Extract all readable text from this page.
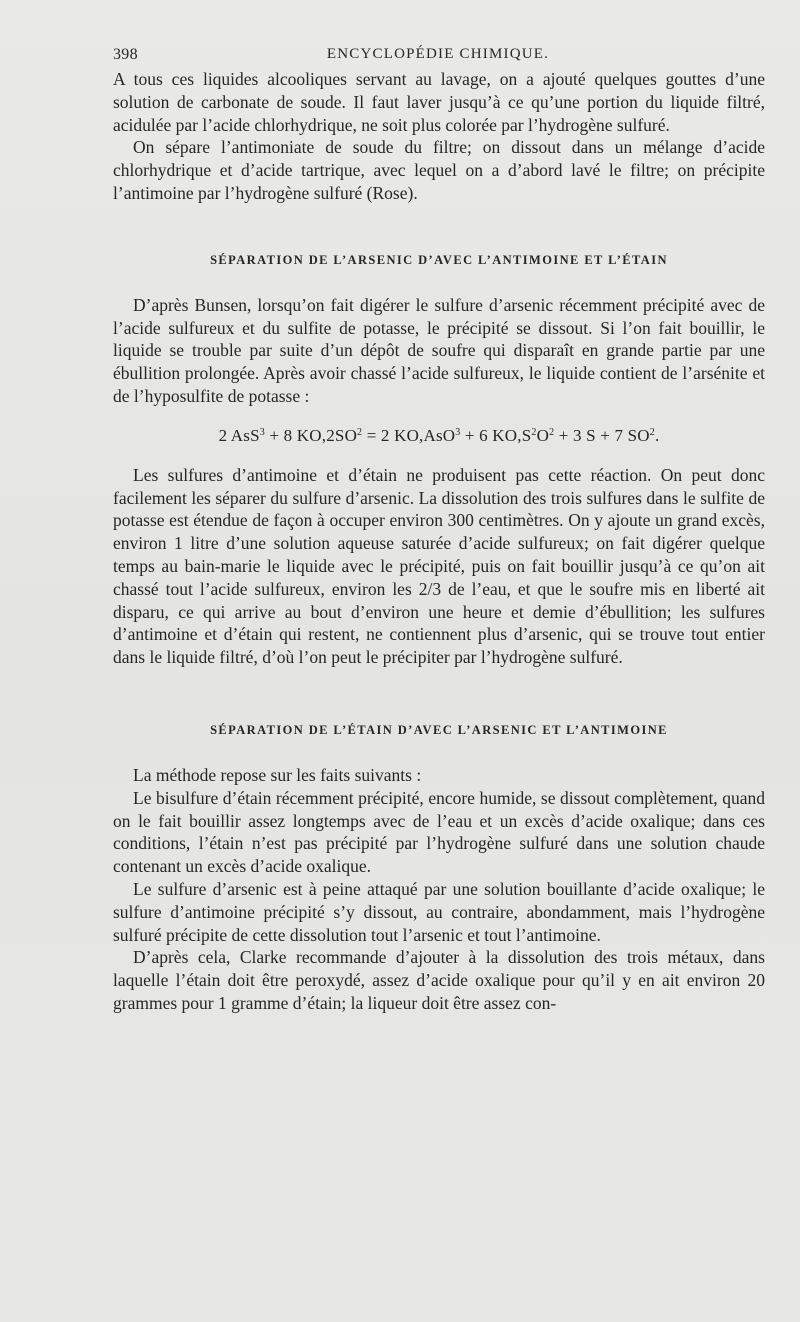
398	ENCYCLOPÉDIE CHIMIQUE.

A tous ces liquides alcooliques servant au lavage, on a ajouté quelques gouttes d’une solution de carbonate de soude. Il faut laver jusqu’à ce qu’une portion du liquide filtré, acidulée par l’acide chlorhydrique, ne soit plus colorée par l’hydrogène sulfuré.

On sépare l’antimoniate de soude du filtre; on dissout dans un mélange d’acide chlorhydrique et d’acide tartrique, avec lequel on a d’abord lavé le filtre; on précipite l’antimoine par l’hydrogène sulfuré (Rose).

SÉPARATION DE L’ARSENIC D’AVEC L’ANTIMOINE ET L’ÉTAIN

D’après Bunsen, lorsqu’on fait digérer le sulfure d’arsenic récemment précipité avec de l’acide sulfureux et du sulfite de potasse, le précipité se dissout. Si l’on fait bouillir, le liquide se trouble par suite d’un dépôt de soufre qui disparaît en grande partie par une ébullition prolongée. Après avoir chassé l’acide sulfureux, le liquide contient de l’arsénite et de l’hyposulfite de potasse :

2 AsS$^3$ + 8 $KO,2SO^2 = 2$ KO,AsO$^3$ + 6 $KO,S^2O^2 + 3$ S + 7 $SO^2$.

Les sulfures d’antimoine et d’étain ne produisent pas cette réaction. On peut donc facilement les séparer du sulfure d’arsenic. La dissolution des trois sulfures dans le sulfite de potasse est étendue de façon à occuper environ 300 centimètres. On y ajoute un grand excès, environ 1 litre d’une solution aqueuse saturée d’acide sulfureux; on fait digérer quelque temps au bain-marie le liquide avec le précipité, puis on fait bouillir jusqu’à ce qu’on ait chassé tout l’acide sulfureux, environ les 2/3 de l’eau, et que le soufre mis en liberté ait disparu, ce qui arrive au bout d’environ une heure et demie d’ébullition; les sulfures d’antimoine et d’étain qui restent, ne contiennent plus d’arsenic, qui se trouve tout entier dans le liquide filtré, d’où l’on peut le précipiter par l’hydrogène sulfuré.

SÉPARATION DE L’ÉTAIN D’AVEC L’ARSENIC ET L’ANTIMOINE

La méthode repose sur les faits suivants :

Le bisulfure d’étain récemment précipité, encore humide, se dissout complètement, quand on le fait bouillir assez longtemps avec de l’eau et un excès d’acide oxalique; dans ces conditions, l’étain n’est pas précipité par l’hydrogène sulfuré dans une solution chaude contenant un excès d’acide oxalique.

Le sulfure d’arsenic est à peine attaqué par une solution bouillante d’acide oxalique; le sulfure d’antimoine précipité s’y dissout, au contraire, abondamment, mais l’hydrogène sulfuré précipite de cette dissolution tout l’arsenic et tout l’antimoine.

D’après cela, Clarke recommande d’ajouter à la dissolution des trois métaux, dans laquelle l’étain doit être peroxydé, assez d’acide oxalique pour qu’il y en ait environ 20 grammes pour 1 gramme d’étain; la liqueur doit être assez con-
